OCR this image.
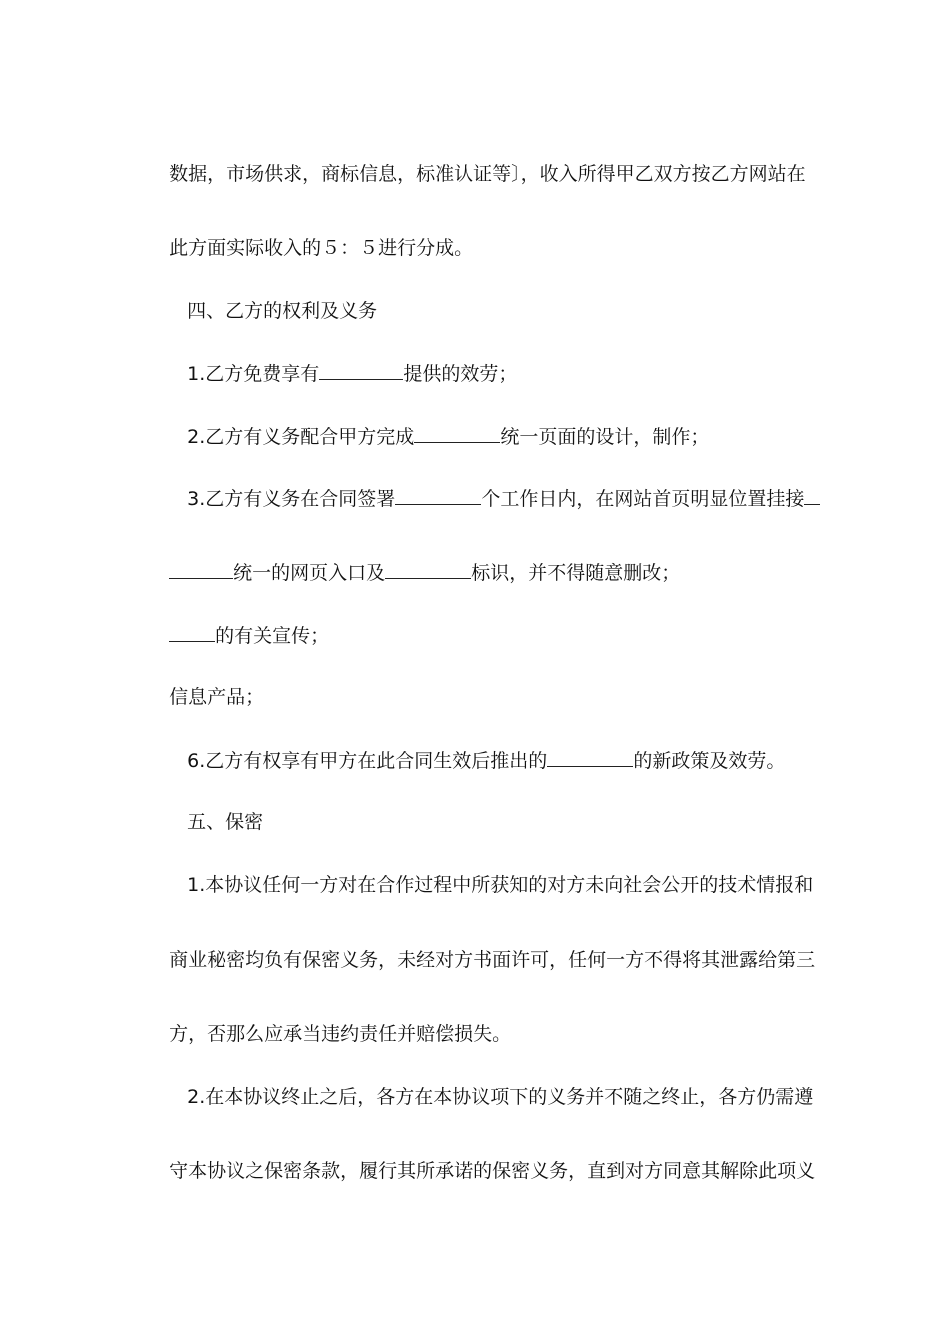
数据，市场供求，商标信息，标准认证等〕，收入所得甲乙双方按乙方网站在

此方面实际收入的５：５进行分成。

四、乙方的权利及义务

1.乙方免费享有	提供的效劳；

2.乙方有义务配合甲方完成	统一页面的设计，制作；

3.乙方有义务在合同签署	个工作日内，在网站首页明显位置挂接

统一的网页入口及	标识，并不得随意删改；

的有关宣传；

信息产品；

6.乙方有权享有甲方在此合同生效后推出的	的新政策及效劳。

五、保密

1.本协议任何一方对在合作过程中所获知的对方未向社会公开的技术情报和

商业秘密均负有保密义务，未经对方书面许可，任何一方不得将其泄露给第三

方，否那么应承当违约责任并赔偿损失。

2.在本协议终止之后，各方在本协议项下的义务并不随之终止，各方仍需遵

守本协议之保密条款，履行其所承诺的保密义务，直到对方同意其解除此项义
